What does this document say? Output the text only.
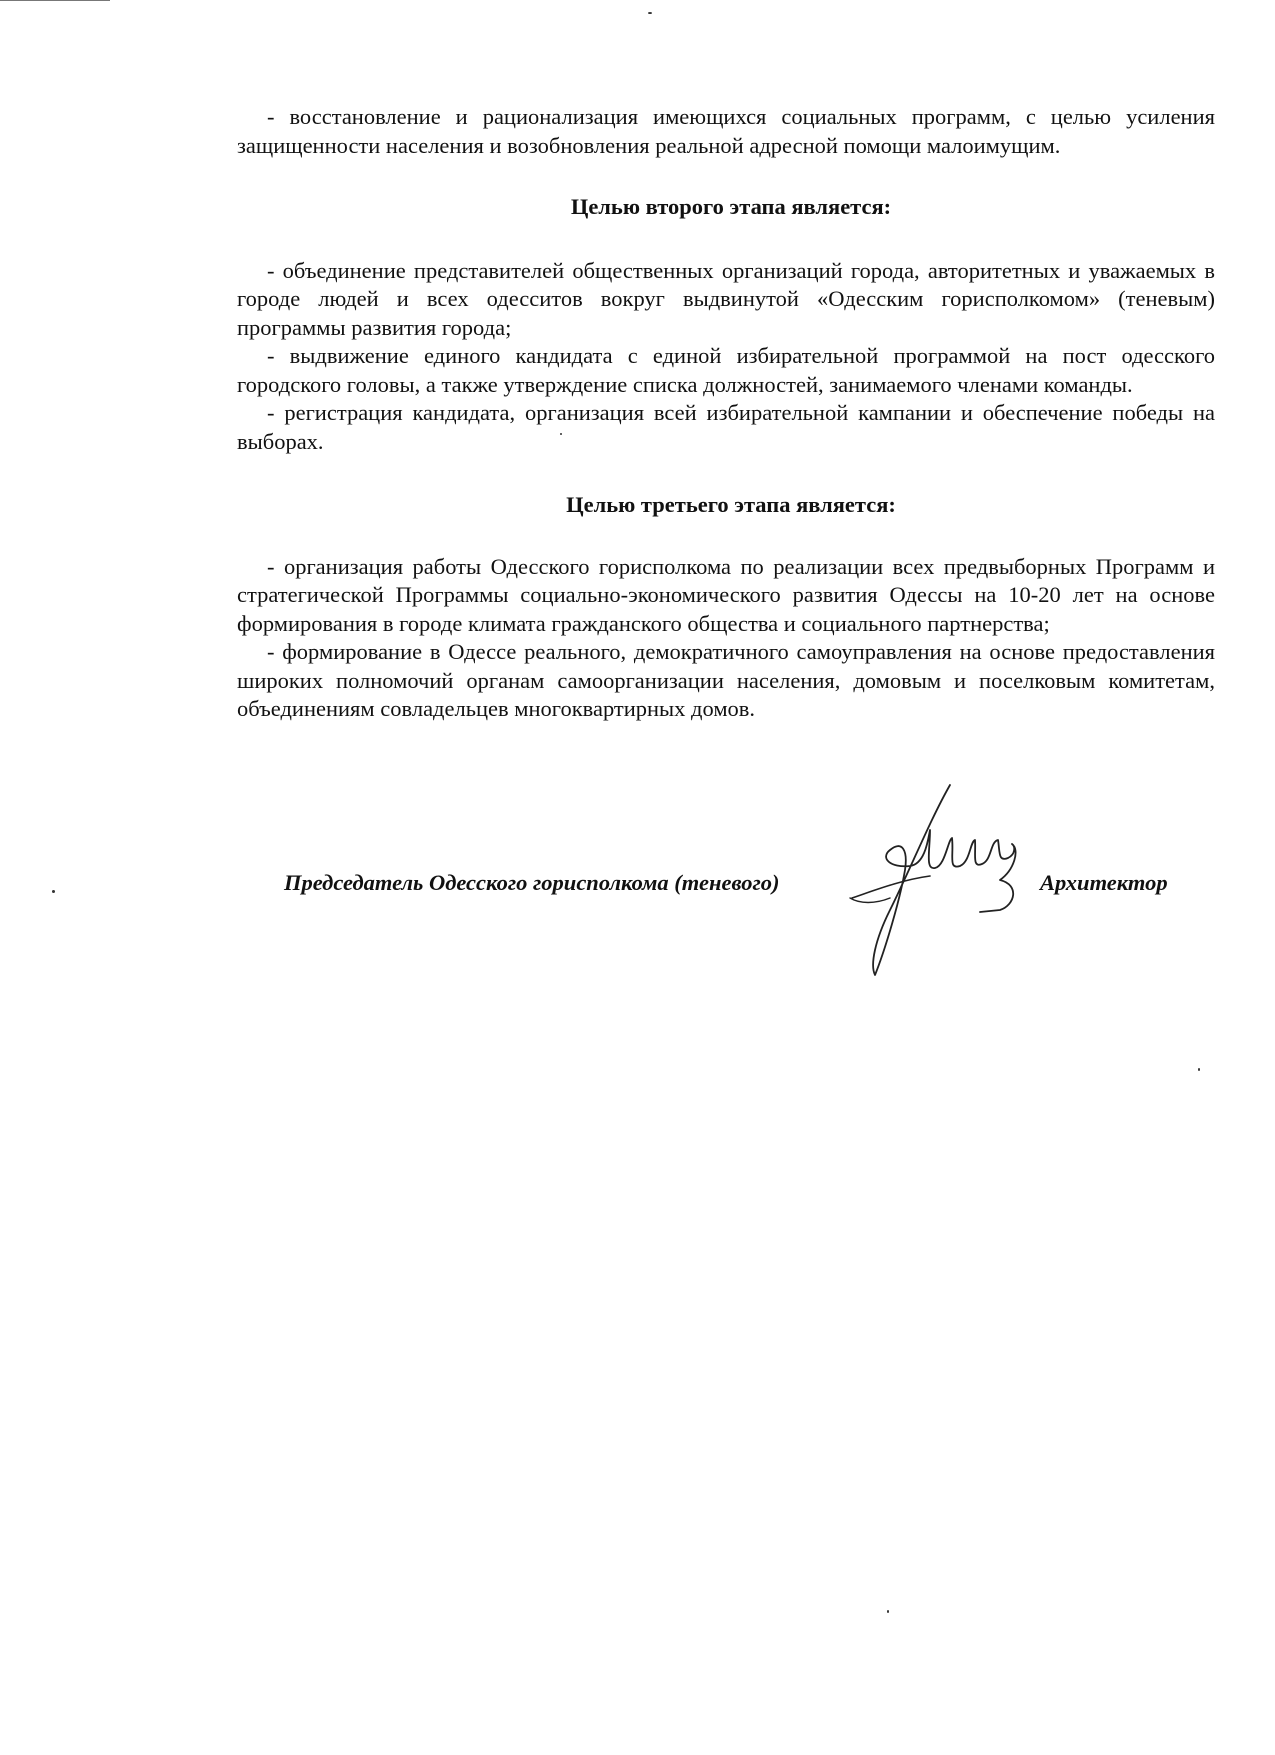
- восстановление и рационализация имеющихся социальных программ, с целью усиления защищенности населения и возобновления реальной адресной помощи малоимущим.

Целью второго этапа является:

- объединение представителей общественных организаций города, авторитетных и уважаемых в городе людей и всех одесситов вокруг выдвинутой «Одесским горисполкомом» (теневым) программы развития города;

- выдвижение единого кандидата с единой избирательной программой на пост одесского городского головы, а также утверждение списка должностей, занимаемого членами команды.

- регистрация кандидата, организация всей избирательной кампании и обеспечение победы на выборах.

Целью третьего этапа является:

- организация работы Одесского горисполкома по реализации всех предвыборных Программ и стратегической Программы социально-экономического развития Одессы на 10-20 лет на основе формирования в городе климата гражданского общества и социального партнерства;

- формирование в Одессе реального, демократичного самоуправления на основе предоставления широких полномочий органам самоорганизации населения, домовым и поселковым комитетам, объединениям совладельцев многоквартирных домов.

Председатель Одесского горисполкома (теневого)	Архитектор
